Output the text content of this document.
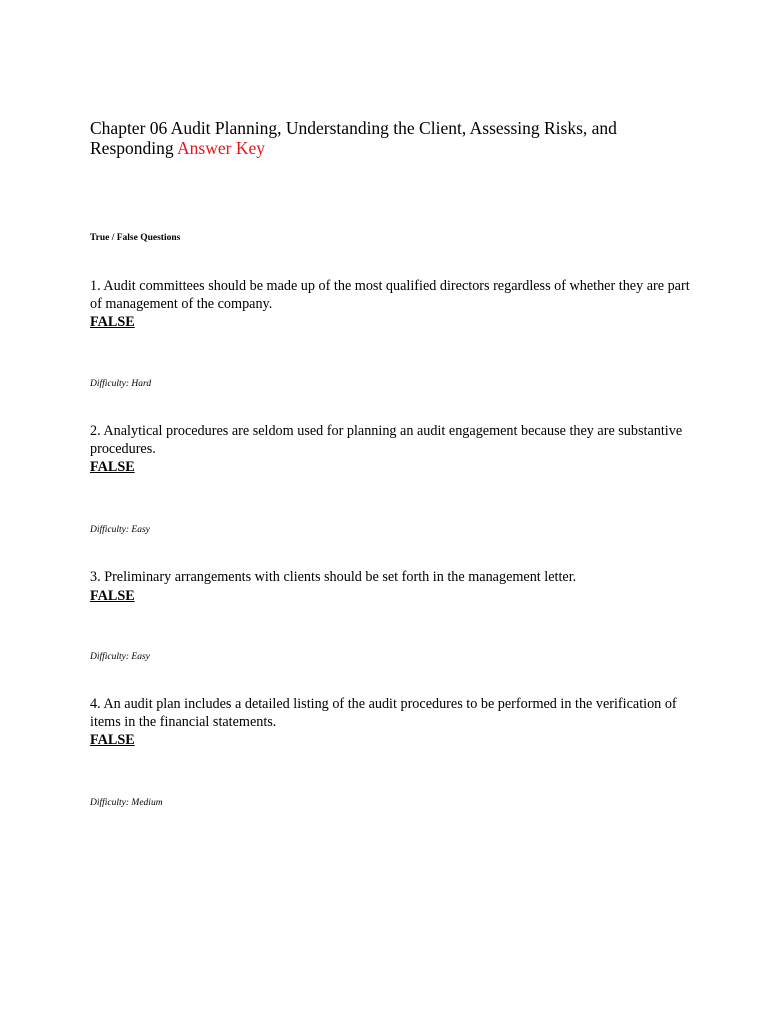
Chapter 06 Audit Planning, Understanding the Client, Assessing Risks, and Responding Answer Key
True / False Questions

1. Audit committees should be made up of the most qualified directors regardless of whether they are part of management of the company.

FALSE

Difficulty: Hard

2. Analytical procedures are seldom used for planning an audit engagement because they are substantive procedures.

FALSE

Difficulty: Easy

3. Preliminary arrangements with clients should be set forth in the management letter.

FALSE

Difficulty: Easy

4. An audit plan includes a detailed listing of the audit procedures to be performed in the verification of items in the financial statements.

FALSE

Difficulty: Medium
